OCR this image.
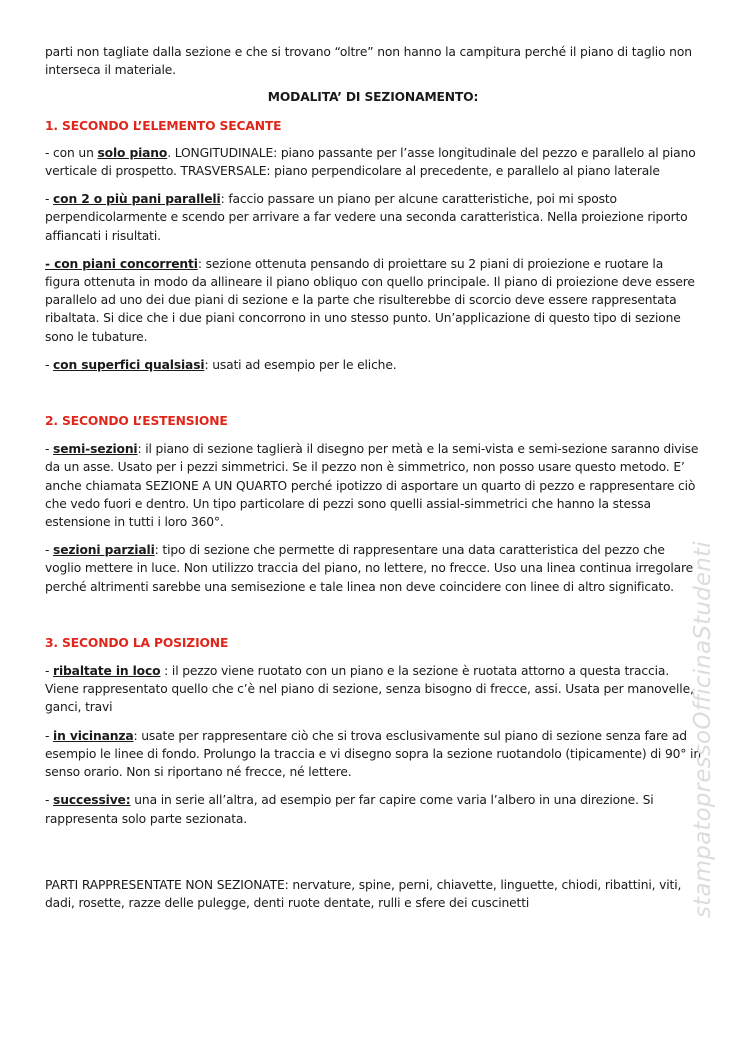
parti non tagliate dalla sezione e che si trovano “oltre” non hanno la campitura perché il piano di taglio non interseca il materiale.

MODALITA’ DI SEZIONAMENTO:

1. SECONDO L’ELEMENTO SECANTE

- con un solo piano. LONGITUDINALE: piano passante per l’asse longitudinale del pezzo e parallelo al piano verticale di prospetto. TRASVERSALE: piano perpendicolare al precedente, e parallelo al piano laterale

- con 2 o più pani paralleli: faccio passare un piano per alcune caratteristiche, poi mi sposto perpendicolarmente e scendo per arrivare a far vedere una seconda caratteristica. Nella proiezione riporto affiancati i risultati.

- con piani concorrenti: sezione ottenuta pensando di proiettare su 2 piani di proiezione e ruotare la figura ottenuta in modo da allineare il piano obliquo con quello principale. Il piano di proiezione deve essere parallelo ad uno dei due piani di sezione e la parte che risulterebbe di scorcio deve essere rappresentata ribaltata. Si dice che i due piani concorrono in uno stesso punto. Un’applicazione di questo tipo di sezione sono le tubature.

- con superfici qualsiasi: usati ad esempio per le eliche.

2. SECONDO L’ESTENSIONE

- semi-sezioni: il piano di sezione taglierà il disegno per metà e la semi-vista e semi-sezione saranno divise da un asse. Usato per i pezzi simmetrici. Se il pezzo non è simmetrico, non posso usare questo metodo. E’ anche chiamata SEZIONE A UN QUARTO perché ipotizzo di asportare un quarto di pezzo e rappresentare ciò che vedo fuori e dentro. Un tipo particolare di pezzi sono quelli assial-simmetrici che hanno la stessa estensione in tutti i loro 360°.

- sezioni parziali: tipo di sezione che permette di rappresentare una data caratteristica del pezzo che voglio mettere in luce. Non utilizzo traccia del piano, no lettere, no frecce. Uso una linea continua irregolare perché altrimenti sarebbe una semisezione e tale linea non deve coincidere con linee di altro significato.

3. SECONDO LA POSIZIONE

- ribaltate in loco : il pezzo viene ruotato con un piano e la sezione è ruotata attorno a questa traccia. Viene rappresentato quello che c’è nel piano di sezione, senza bisogno di frecce, assi. Usata per manovelle, ganci, travi

- in vicinanza: usate per rappresentare ciò che si trova esclusivamente sul piano di sezione senza fare ad esempio le linee di fondo. Prolungo la traccia e vi disegno sopra la sezione ruotandolo (tipicamente) di 90° in senso orario. Non si riportano né frecce, né lettere.

- successive: una in serie all’altra, ad esempio per far capire come varia l’albero in una direzione. Si rappresenta solo parte sezionata.

PARTI RAPPRESENTATE NON SEZIONATE: nervature, spine, perni, chiavette, linguette, chiodi, ribattini, viti, dadi, rosette, razze delle pulegge, denti ruote dentate, rulli e sfere dei cuscinetti	stampatopressoOfficinaStudenti
